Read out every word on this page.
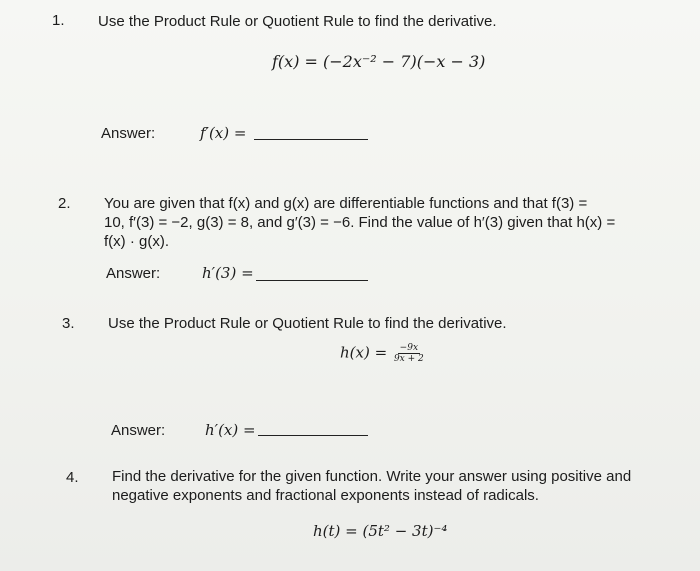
1. Use the Product Rule or Quotient Rule to find the derivative.
f(x) = (−2x⁻² − 7)(−x − 3)
Answer:	f′(x) =
2. You are given that f(x) and g(x) are differentiable functions and that f(3) =
10, f′(3) = −2, g(3) = 8, and g′(3) = −6. Find the value of h′(3) given that h(x) =
f(x) · g(x).
Answer:	h′(3) =
3. Use the Product Rule or Quotient Rule to find the derivative.
$h(x) = \frac{-9x}{9x + 2}$
Answer:	h′(x) =
4. Find the derivative for the given function. Write your answer using positive and
negative exponents and fractional exponents instead of radicals.
h(t) = (5t² − 3t)⁻⁴
